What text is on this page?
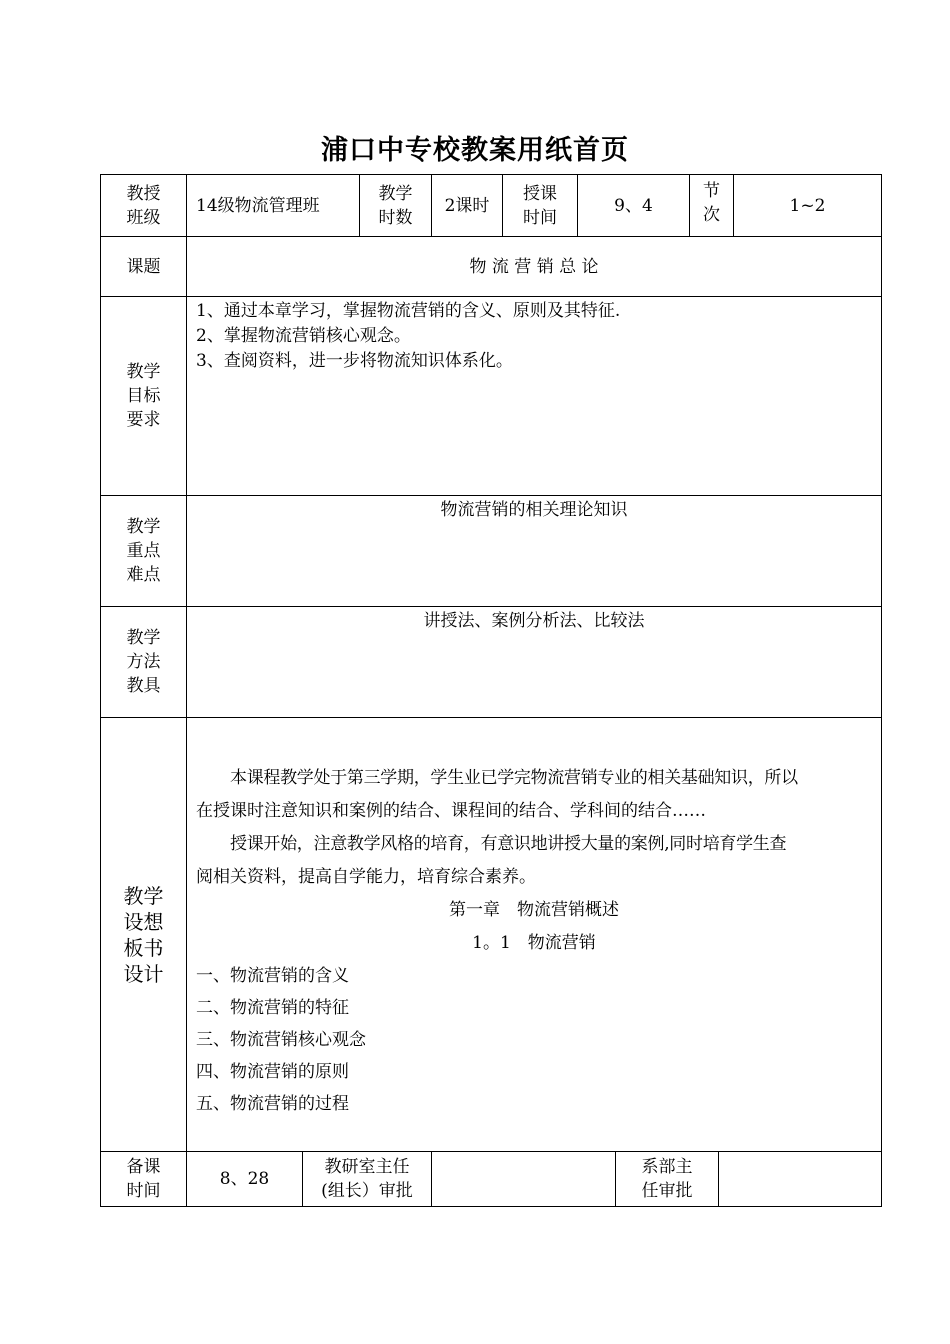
浦口中专校教案用纸首页
教授
班级
14级物流管理班
教学
时数
2课时
授课
时间
9、4
节
次	1~2
课题	物 流 营 销 总 论
教学
目标
要求
1、通过本章学习，掌握物流营销的含义、原则及其特征.
2、掌握物流营销核心观念。
3、查阅资料，进一步将物流知识体系化。
教学
重点
难点
物流营销的相关理论知识
教学
方法
教具
讲授法、案例分析法、比较法
教学
设想
板书
设计

本课程教学处于第三学期，学生业已学完物流营销专业的相关基础知识，所以

在授课时注意知识和案例的结合、课程间的结合、学科间的结合……

授课开始，注意教学风格的培育，有意识地讲授大量的案例,同时培育学生查

阅相关资料，提高自学能力，培育综合素养。

第一章　物流营销概述

1。1　物流营销

一、物流营销的含义

二、物流营销的特征

三、物流营销核心观念

四、物流营销的原则

五、物流营销的过程

备课
时间
8、28
教研室主任
(组长）审批
系部主
任审批
